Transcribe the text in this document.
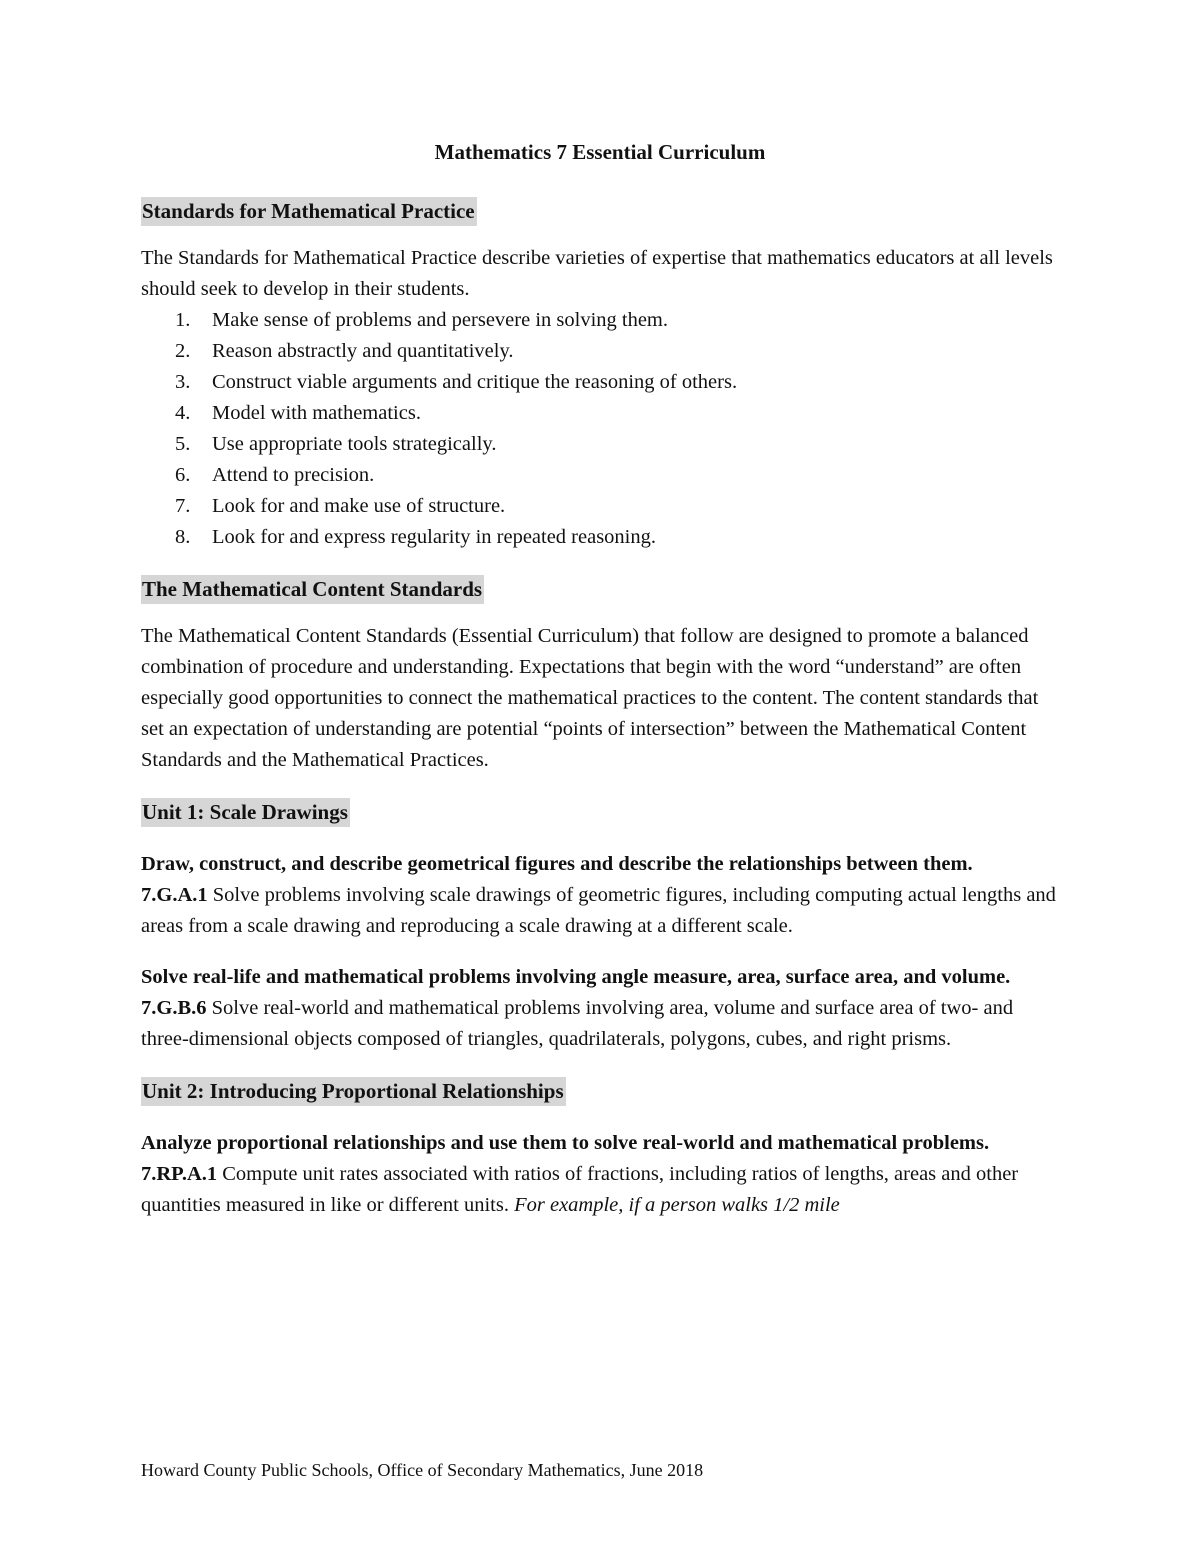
Mathematics 7 Essential Curriculum
Standards for Mathematical Practice

The Standards for Mathematical Practice describe varieties of expertise that mathematics educators at all levels should seek to develop in their students.

1.	Make sense of problems and persevere in solving them.
2.	Reason abstractly and quantitatively.
3.	Construct viable arguments and critique the reasoning of others.
4.	Model with mathematics.
5.	Use appropriate tools strategically.
6.	Attend to precision.
7.	Look for and make use of structure.
8.	Look for and express regularity in repeated reasoning.
The Mathematical Content Standards

The Mathematical Content Standards (Essential Curriculum) that follow are designed to promote a balanced combination of procedure and understanding. Expectations that begin with the word “understand” are often especially good opportunities to connect the mathematical practices to the content. The content standards that set an expectation of understanding are potential “points of intersection” between the Mathematical Content Standards and the Mathematical Practices.

Unit 1: Scale Drawings

Draw, construct, and describe geometrical figures and describe the relationships between them.

7.G.A.1 Solve problems involving scale drawings of geometric figures, including computing actual lengths and areas from a scale drawing and reproducing a scale drawing at a different scale.

Solve real-life and mathematical problems involving angle measure, area, surface area, and volume.

7.G.B.6 Solve real-world and mathematical problems involving area, volume and surface area of two- and three-dimensional objects composed of triangles, quadrilaterals, polygons, cubes, and right prisms.

Unit 2: Introducing Proportional Relationships

Analyze proportional relationships and use them to solve real-world and mathematical problems.

7.RP.A.1 Compute unit rates associated with ratios of fractions, including ratios of lengths, areas and other quantities measured in like or different units. For example, if a person walks 1/2 mile

Howard County Public Schools, Office of Secondary Mathematics, June 2018
